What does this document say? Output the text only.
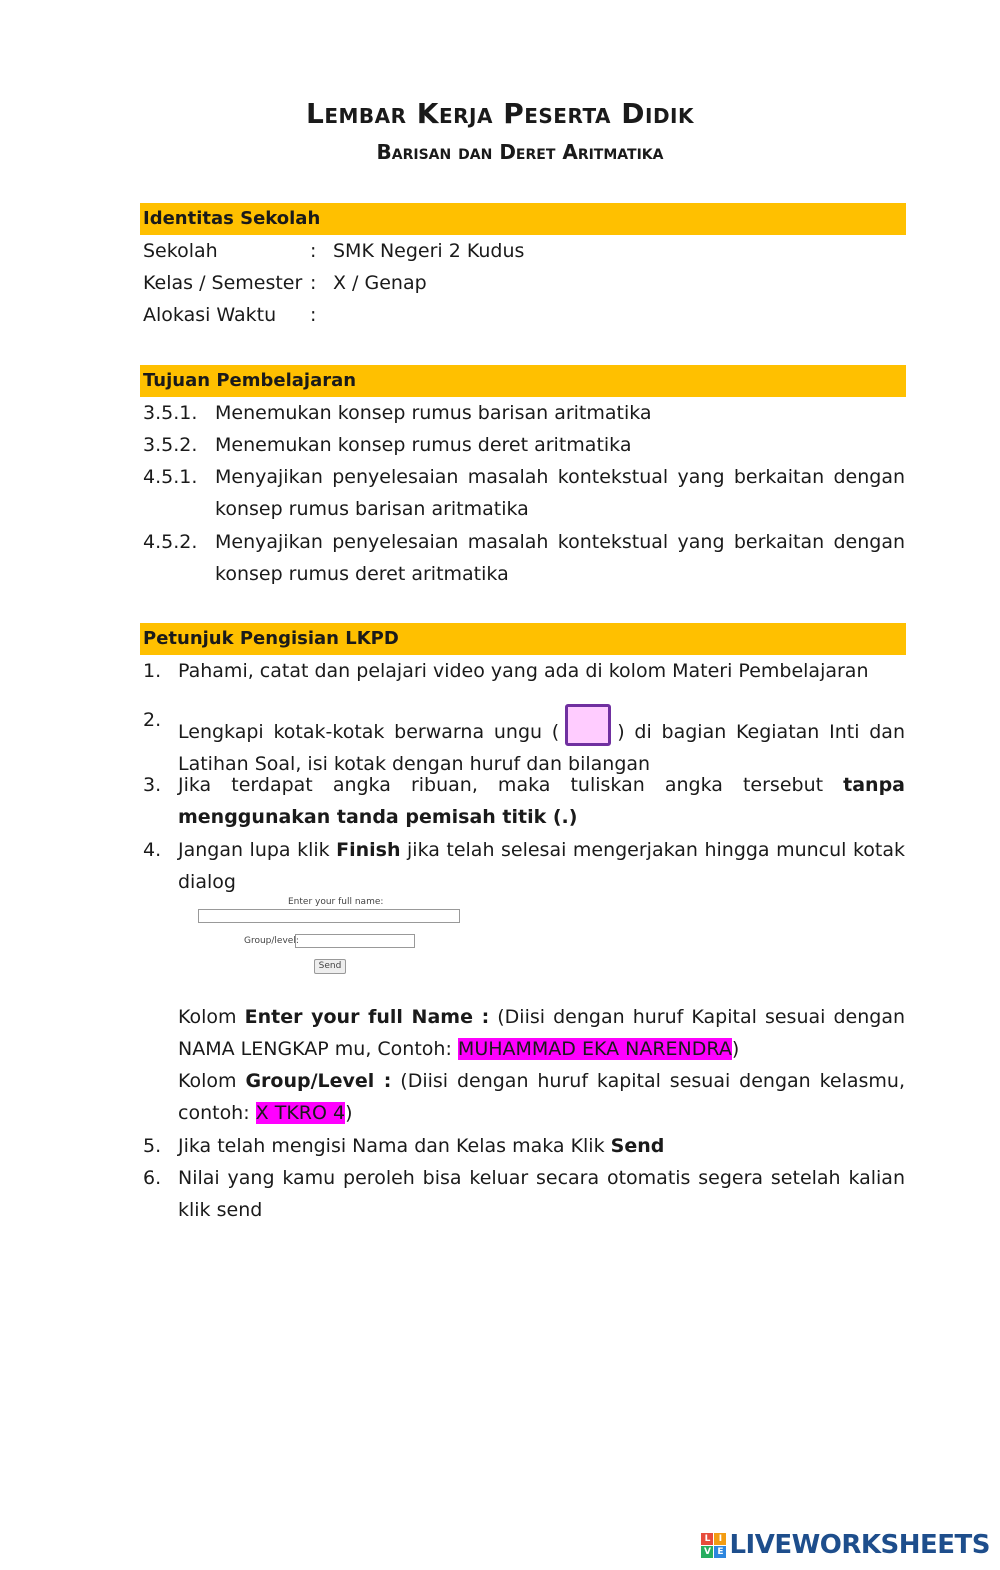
Lembar Kerja Peserta Didik
Barisan dan Deret Aritmatika
Identitas Sekolah
Sekolah	: SMK Negeri 2 Kudus
Kelas / Semester : X / Genap
Alokasi Waktu :
Tujuan Pembelajaran
3.5.1. Menemukan konsep rumus barisan aritmatika
3.5.2. Menemukan konsep rumus deret aritmatika
4.5.1. Menyajikan penyelesaian masalah kontekstual yang berkaitan dengan konsep rumus barisan aritmatika
4.5.2. Menyajikan penyelesaian masalah kontekstual yang berkaitan dengan konsep rumus deret aritmatika
Petunjuk Pengisian LKPD
1. Pahami, catat dan pelajari video yang ada di kolom Materi Pembelajaran
2.
Lengkapi kotak-kotak berwarna ungu (	) di bagian Kegiatan Inti dan Latihan Soal, isi kotak dengan huruf dan bilangan
3. Jika terdapat angka ribuan, maka tuliskan angka tersebut tanpa menggunakan tanda pemisah titik (.)
4. Jangan lupa klik Finish jika telah selesai mengerjakan hingga muncul kotak dialog
Enter your full name:
Group/level:
Send
Kolom Enter your full Name : (Diisi dengan huruf Kapital sesuai dengan NAMA LENGKAP mu, Contoh: MUHAMMAD EKA NARENDRA)
Kolom Group/Level : (Diisi dengan huruf kapital sesuai dengan kelasmu, contoh: X TKRO 4)
5. Jika telah mengisi Nama dan Kelas maka Klik Send
6. Nilai yang kamu peroleh bisa keluar secara otomatis segera setelah kalian klik send
L I
V E LIVEWORKSHEETS
